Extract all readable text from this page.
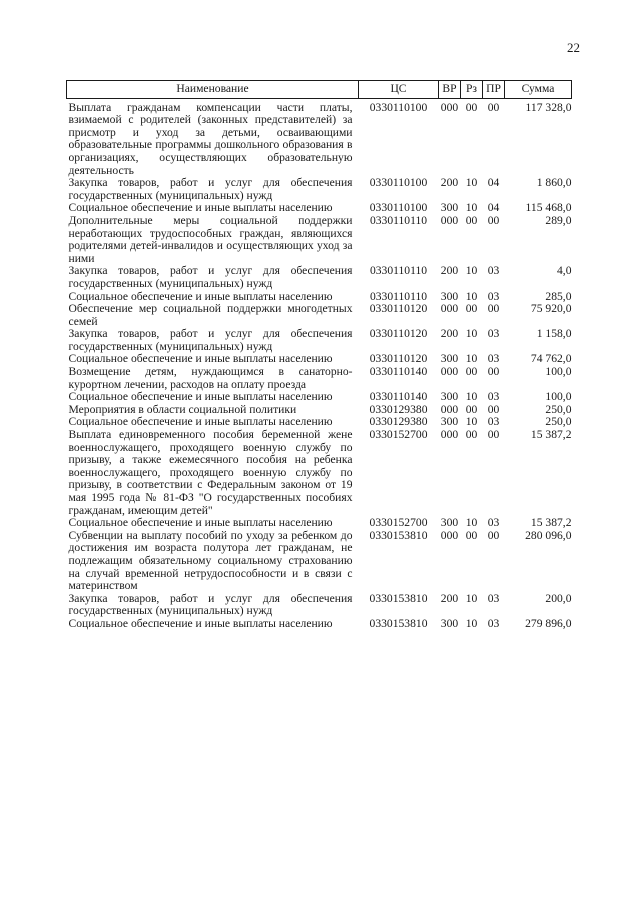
22
Наименование	ЦС	ВР	Рз	ПР	Сумма

Выплата гражданам компенсации части платы, взимаемой с родителей (законных представителей) за присмотр и уход за детьми, осваивающими образовательные программы дошкольного образования в организациях, осуществляющих образовательную деятельность	0330110100	000	00	00	117 328,0
Закупка товаров, работ и услуг для обеспечения государственных (муниципальных) нужд	0330110100	200	10	04	1 860,0
Социальное обеспечение и иные выплаты населению	0330110100	300	10	04	115 468,0
Дополнительные меры социальной поддержки неработающих трудоспособных граждан, являющихся родителями детей-инвалидов и осуществляющих уход за ними	0330110110	000	00	00	289,0
Закупка товаров, работ и услуг для обеспечения государственных (муниципальных) нужд	0330110110	200	10	03	4,0
Социальное обеспечение и иные выплаты населению	0330110110	300	10	03	285,0
Обеспечение мер социальной поддержки многодетных семей	0330110120	000	00	00	75 920,0
Закупка товаров, работ и услуг для обеспечения государственных (муниципальных) нужд	0330110120	200	10	03	1 158,0
Социальное обеспечение и иные выплаты населению	0330110120	300	10	03	74 762,0
Возмещение детям, нуждающимся в санаторно-курортном лечении, расходов на оплату проезда	0330110140	000	00	00	100,0
Социальное обеспечение и иные выплаты населению	0330110140	300	10	03	100,0
Мероприятия в области социальной политики	0330129380	000	00	00	250,0
Социальное обеспечение и иные выплаты населению	0330129380	300	10	03	250,0
Выплата единовременного пособия беременной жене военнослужащего, проходящего военную службу по призыву, а также ежемесячного пособия на ребенка военнослужащего, проходящего военную службу по призыву, в соответствии с Федеральным законом от 19 мая 1995 года № 81-ФЗ "О государственных пособиях гражданам, имеющим детей"	0330152700	000	00	00	15 387,2
Социальное обеспечение и иные выплаты населению	0330152700	300	10	03	15 387,2
Субвенции на выплату пособий по уходу за ребенком до достижения им возраста полутора лет гражданам, не подлежащим обязательному социальному страхованию на случай временной нетрудоспособности и в связи с материнством	0330153810	000	00	00	280 096,0
Закупка товаров, работ и услуг для обеспечения государственных (муниципальных) нужд	0330153810	200	10	03	200,0
Социальное обеспечение и иные выплаты населению	0330153810	300	10	03	279 896,0
